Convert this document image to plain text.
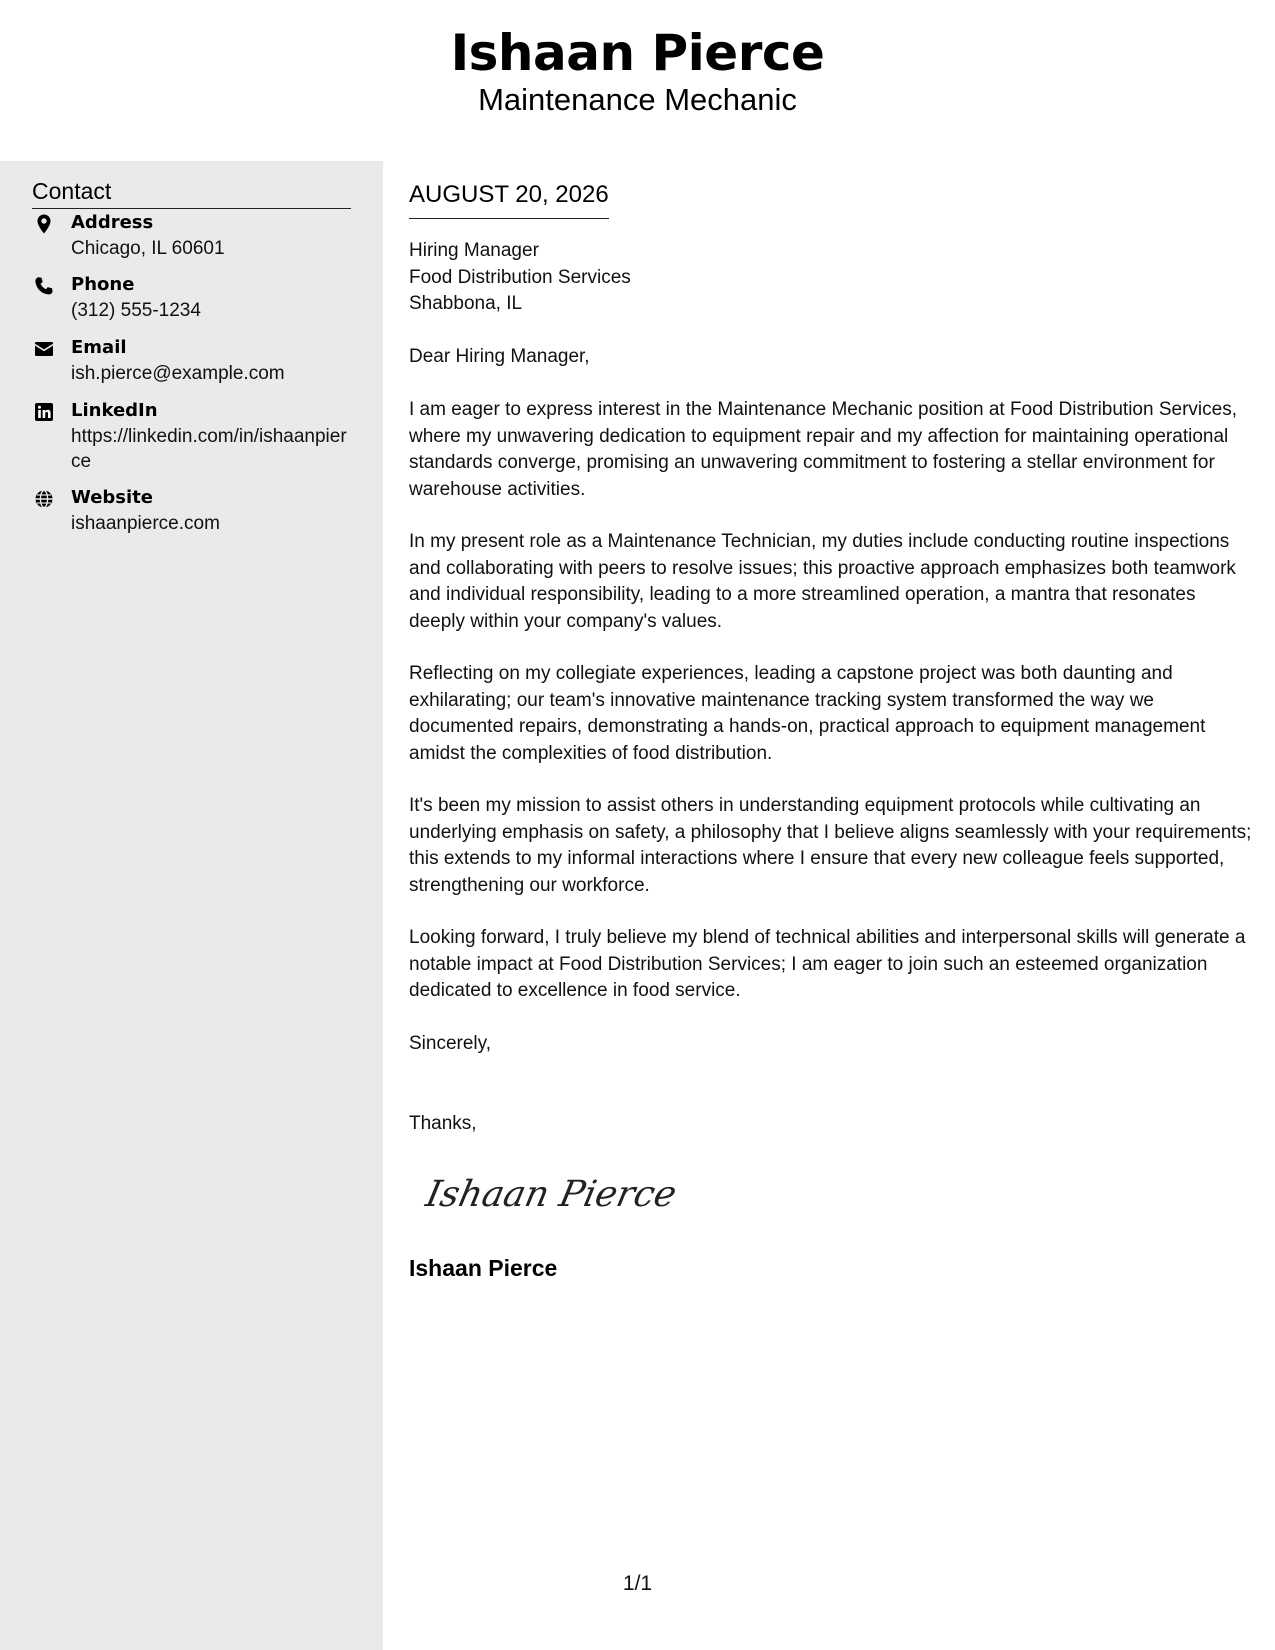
Ishaan Pierce
Maintenance Mechanic
Contact
Address
Chicago, IL 60601
Phone
(312) 555-1234
Email
ish.pierce@example.com
LinkedIn
https://linkedin.com/in/ishaanpierce
Website
ishaanpierce.com
AUGUST 20, 2026
Hiring Manager
Food Distribution Services
Shabbona, IL

Dear Hiring Manager,

I am eager to express interest in the Maintenance Mechanic position at Food Distribution Services, where my unwavering dedication to equipment repair and my affection for maintaining operational standards converge, promising an unwavering commitment to fostering a stellar environment for warehouse activities.

In my present role as a Maintenance Technician, my duties include conducting routine inspections and collaborating with peers to resolve issues; this proactive approach emphasizes both teamwork and individual responsibility, leading to a more streamlined operation, a mantra that resonates deeply within your company's values.

Reflecting on my collegiate experiences, leading a capstone project was both daunting and exhilarating; our team's innovative maintenance tracking system transformed the way we documented repairs, demonstrating a hands-on, practical approach to equipment management amidst the complexities of food distribution.

It's been my mission to assist others in understanding equipment protocols while cultivating an underlying emphasis on safety, a philosophy that I believe aligns seamlessly with your requirements; this extends to my informal interactions where I ensure that every new colleague feels supported, strengthening our workforce.

Looking forward, I truly believe my blend of technical abilities and interpersonal skills will generate a notable impact at Food Distribution Services; I am eager to join such an esteemed organization dedicated to excellence in food service.

Sincerely,

Thanks,

Ishaan Pierce
Ishaan Pierce
1/1
